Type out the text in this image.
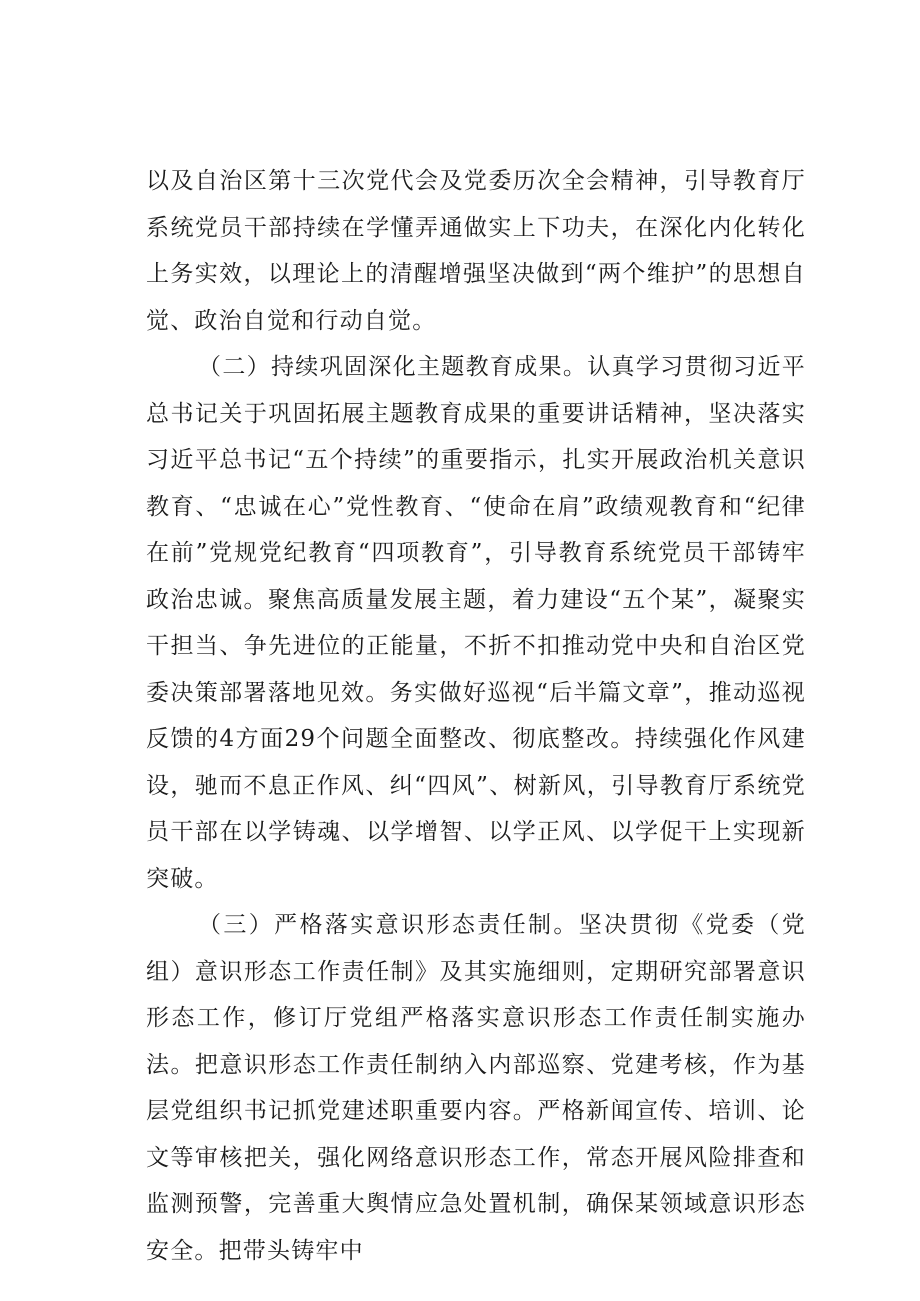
以及自治区第十三次党代会及党委历次全会精神，引导教育厅系统党员干部持续在学懂弄通做实上下功夫，在深化内化转化上务实效，以理论上的清醒增强坚决做到“两个维护”的思想自觉、政治自觉和行动自觉。

（二）持续巩固深化主题教育成果。认真学习贯彻习近平总书记关于巩固拓展主题教育成果的重要讲话精神，坚决落实习近平总书记“五个持续”的重要指示，扎实开展政治机关意识教育、“忠诚在心”党性教育、“使命在肩”政绩观教育和“纪律在前”党规党纪教育“四项教育”，引导教育系统党员干部铸牢政治忠诚。聚焦高质量发展主题，着力建设“五个某”，凝聚实干担当、争先进位的正能量，不折不扣推动党中央和自治区党委决策部署落地见效。务实做好巡视“后半篇文章”，推动巡视反馈的4方面29个问题全面整改、彻底整改。持续强化作风建设，驰而不息正作风、纠“四风”、树新风，引导教育厅系统党员干部在以学铸魂、以学增智、以学正风、以学促干上实现新突破。

（三）严格落实意识形态责任制。坚决贯彻《党委（党组）意识形态工作责任制》及其实施细则，定期研究部署意识形态工作，修订厅党组严格落实意识形态工作责任制实施办法。把意识形态工作责任制纳入内部巡察、党建考核，作为基层党组织书记抓党建述职重要内容。严格新闻宣传、培训、论文等审核把关，强化网络意识形态工作，常态开展风险排查和监测预警，完善重大舆情应急处置机制，确保某领域意识形态安全。把带头铸牢中
